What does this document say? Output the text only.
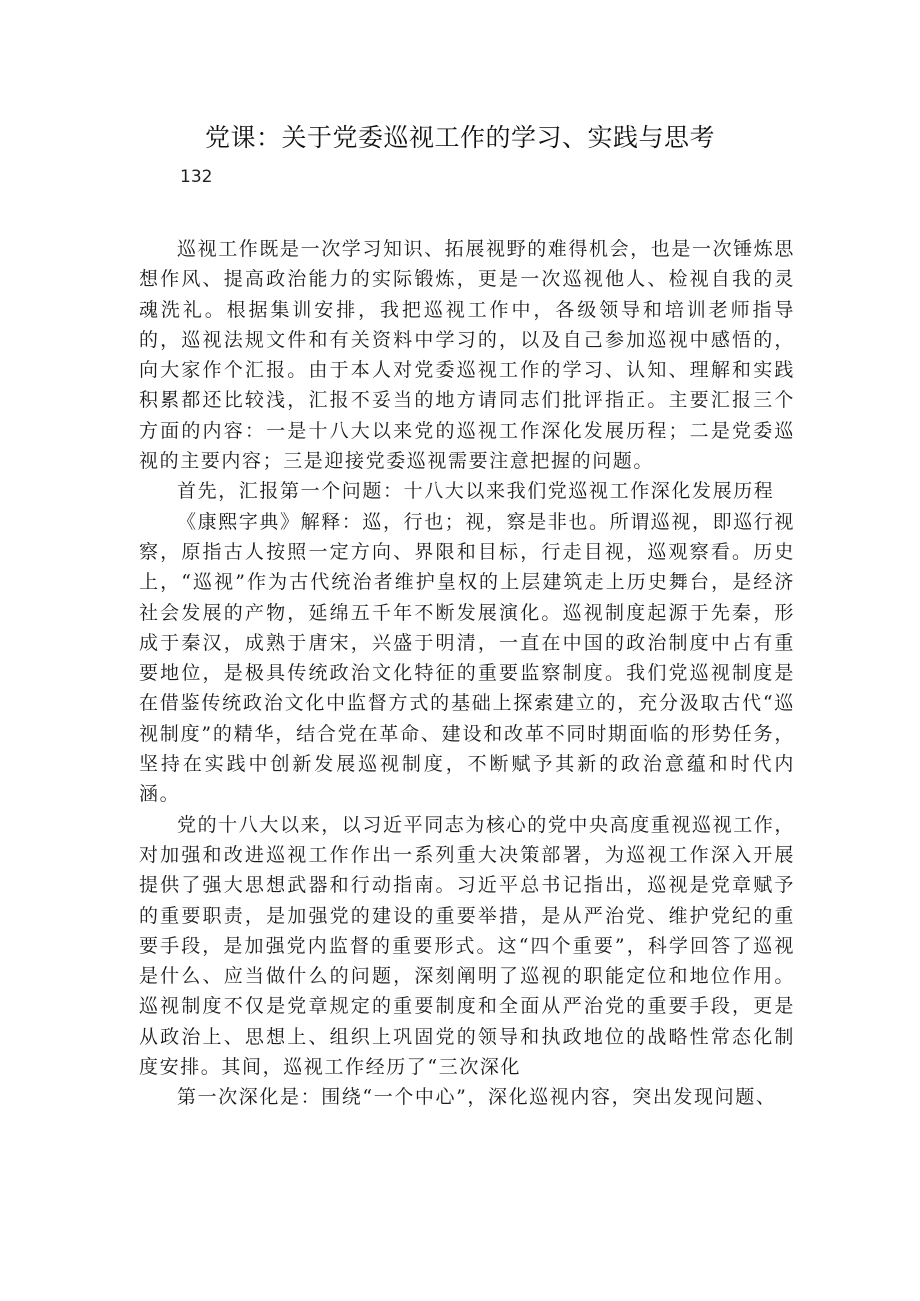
党课：关于党委巡视工作的学习、实践与思考
132

巡视工作既是一次学习知识、拓展视野的难得机会，也是一次锤炼思想作风、提高政治能力的实际锻炼，更是一次巡视他人、检视自我的灵魂洗礼。根据集训安排，我把巡视工作中，各级领导和培训老师指导的，巡视法规文件和有关资料中学习的，以及自己参加巡视中感悟的，向大家作个汇报。由于本人对党委巡视工作的学习、认知、理解和实践积累都还比较浅，汇报不妥当的地方请同志们批评指正。主要汇报三个方面的内容：一是十八大以来党的巡视工作深化发展历程；二是党委巡视的主要内容；三是迎接党委巡视需要注意把握的问题。

首先，汇报第一个问题：十八大以来我们党巡视工作深化发展历程

《康熙字典》解释：巡，行也；视，察是非也。所谓巡视，即巡行视察，原指古人按照一定方向、界限和目标，行走目视，巡观察看。历史上，“巡视”作为古代统治者维护皇权的上层建筑走上历史舞台，是经济社会发展的产物，延绵五千年不断发展演化。巡视制度起源于先秦，形成于秦汉，成熟于唐宋，兴盛于明清，一直在中国的政治制度中占有重要地位，是极具传统政治文化特征的重要监察制度。我们党巡视制度是在借鉴传统政治文化中监督方式的基础上探索建立的，充分汲取古代“巡视制度”的精华，结合党在革命、建设和改革不同时期面临的形势任务，坚持在实践中创新发展巡视制度，不断赋予其新的政治意蕴和时代内涵。

党的十八大以来，以习近平同志为核心的党中央高度重视巡视工作，对加强和改进巡视工作作出一系列重大决策部署，为巡视工作深入开展提供了强大思想武器和行动指南。习近平总书记指出，巡视是党章赋予的重要职责，是加强党的建设的重要举措，是从严治党、维护党纪的重要手段，是加强党内监督的重要形式。这“四个重要”，科学回答了巡视是什么、应当做什么的问题，深刻阐明了巡视的职能定位和地位作用。巡视制度不仅是党章规定的重要制度和全面从严治党的重要手段，更是从政治上、思想上、组织上巩固党的领导和执政地位的战略性常态化制度安排。其间，巡视工作经历了“三次深化

第一次深化是：围绕“一个中心”，深化巡视内容，突出发现问题、
